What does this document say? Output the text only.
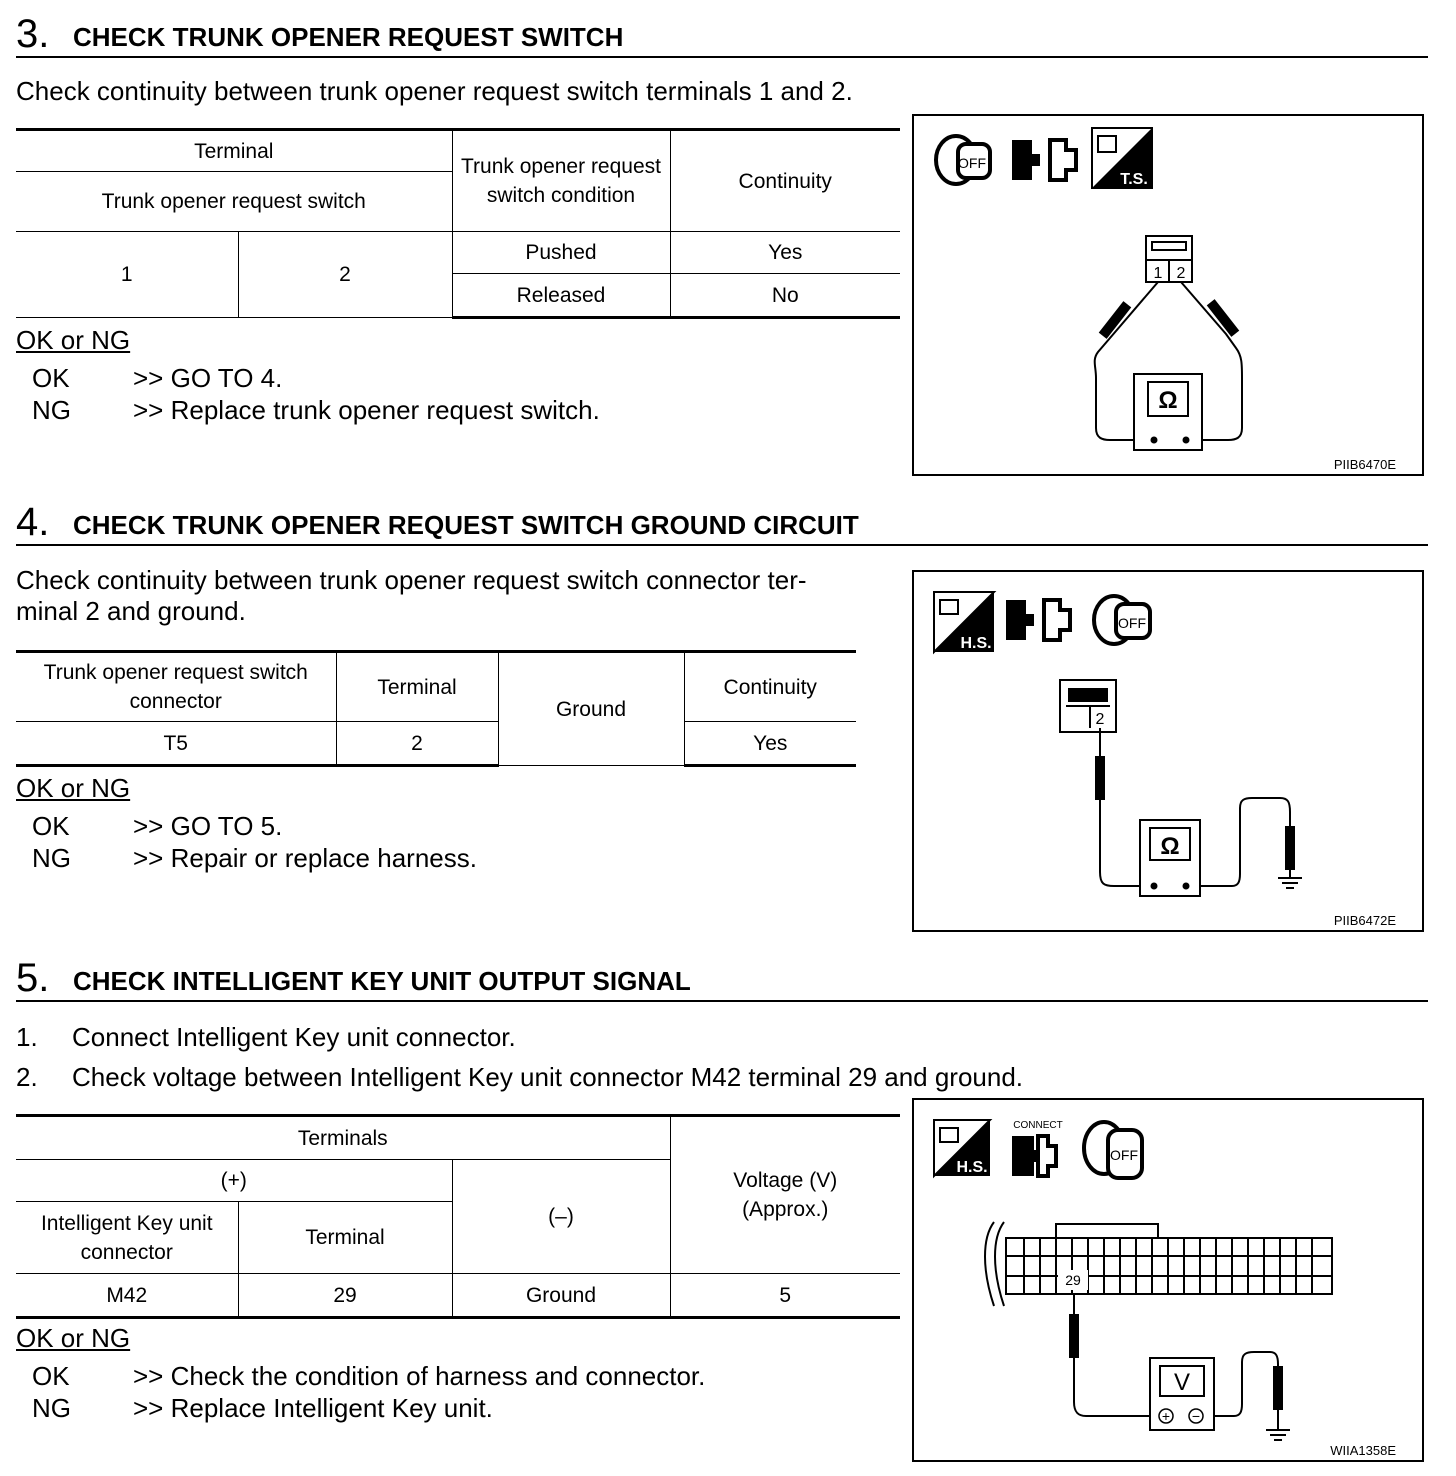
3. CHECK TRUNK OPENER REQUEST SWITCH
Check continuity between trunk opener request switch terminals 1 and 2.
Terminal		Trunk opener request switch condition	Continuity
Trunk opener request switch			
1	2	Pushed	Yes
		Released	No
OK or NG
OK >> GO TO 4.
NG >> Replace trunk opener request switch.
OFF
T.S.
1 2
Ω
PIIB6470E
4. CHECK TRUNK OPENER REQUEST SWITCH GROUND CIRCUIT
Check continuity between trunk opener request switch connector ter-
minal 2 and ground.
Trunk opener request switch connector	Terminal	Ground	Continuity
T5	2		Yes
OK or NG
OK >> GO TO 5.
NG >> Repair or replace harness.
H.S.
OFF
2
Ω
PIIB6472E
5. CHECK INTELLIGENT KEY UNIT OUTPUT SIGNAL
1. Connect Intelligent Key unit connector.
2. Check voltage between Intelligent Key unit connector M42 terminal 29 and ground.
Terminals			Voltage (V)
(Approx.)
(+)		(–)	
Intelligent Key unit connector	Terminal		
M42	29	Ground	5
OK or NG
OK >> Check the condition of harness and connector.
NG >> Replace Intelligent Key unit.
H.S.
CONNECT
OFF
29
V
+ −
WIIA1358E
